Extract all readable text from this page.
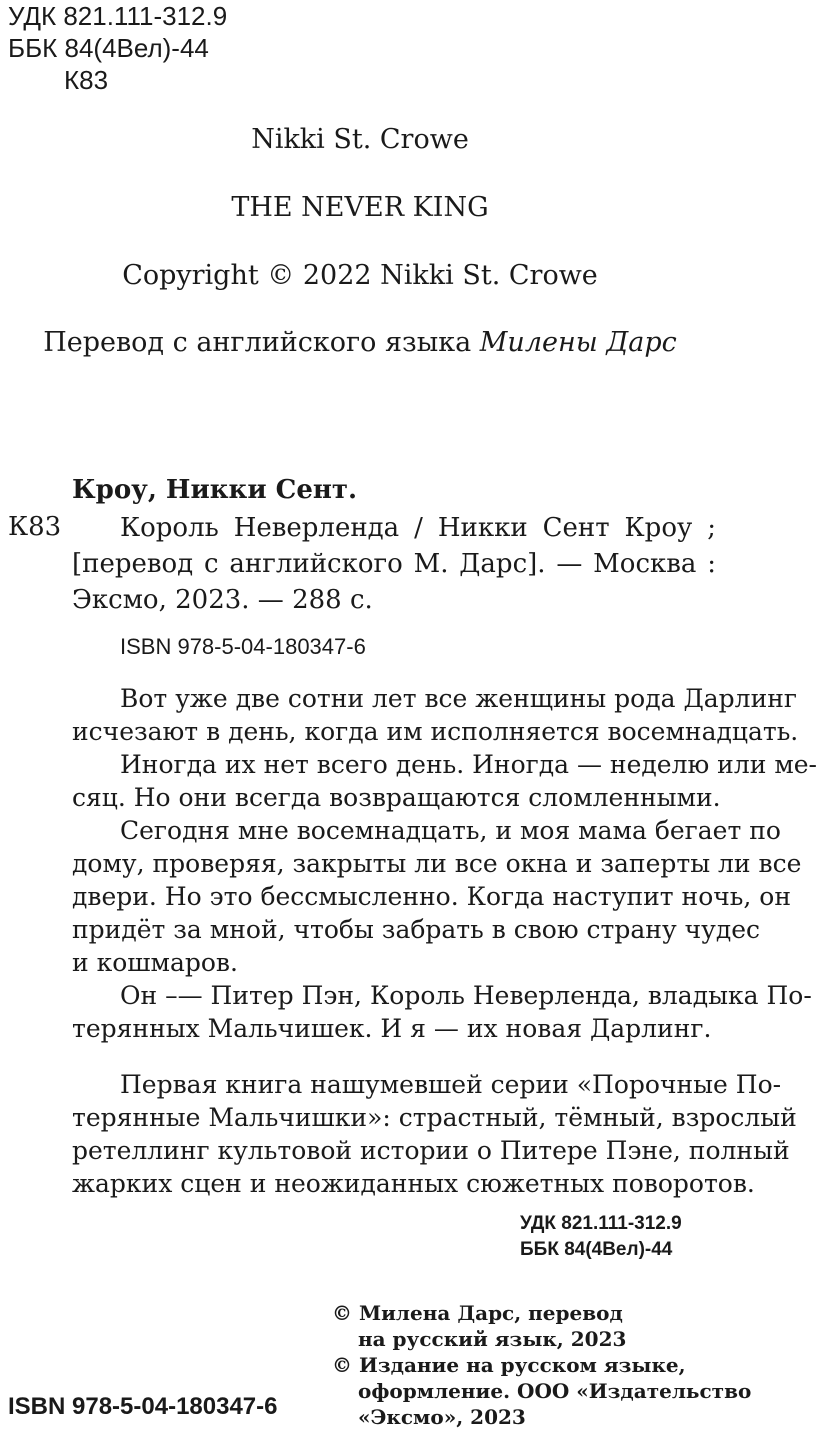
УДК 821.111-312.9
ББК 84(4Вел)-44
К83
Nikki St. Crowe
THE NEVER KING
Copyright © 2022 Nikki St. Crowe
Перевод с английского языка Милены Дарс
Кроу, Никки Сент.
К83 Король Неверленда / Никки Сент Кроу ;
[перевод с английского М. Дарс]. — Москва :
Эксмо, 2023. — 288 с.
ISBN 978-5-04-180347-6
Вот уже две сотни лет все женщины рода Дарлинг
исчезают в день, когда им исполняется восемнадцать.
Иногда их нет всего день. Иногда — неделю или ме-
сяц. Но они всегда возвращаются сломленными.
Сегодня мне восемнадцать, и моя мама бегает по
дому, проверяя, закрыты ли все окна и заперты ли все
двери. Но это бессмысленно. Когда наступит ночь, он
придёт за мной, чтобы забрать в свою страну чудес
и кошмаров.
Он –— Питер Пэн, Король Неверленда, владыка По-
терянных Мальчишек. И я — их новая Дарлинг.
Первая книга нашумевшей серии «Порочные По-
терянные Мальчишки»: страстный, тёмный, взрослый
ретеллинг культовой истории о Питере Пэне, полный
жарких сцен и неожиданных сюжетных поворотов.
УДК 821.111-312.9
ББК 84(4Вел)-44
© Милена Дарс, перевод
на русский язык, 2023
© Издание на русском языке,
оформление. ООО «Издательство
«Эксмо», 2023
ISBN 978-5-04-180347-6
